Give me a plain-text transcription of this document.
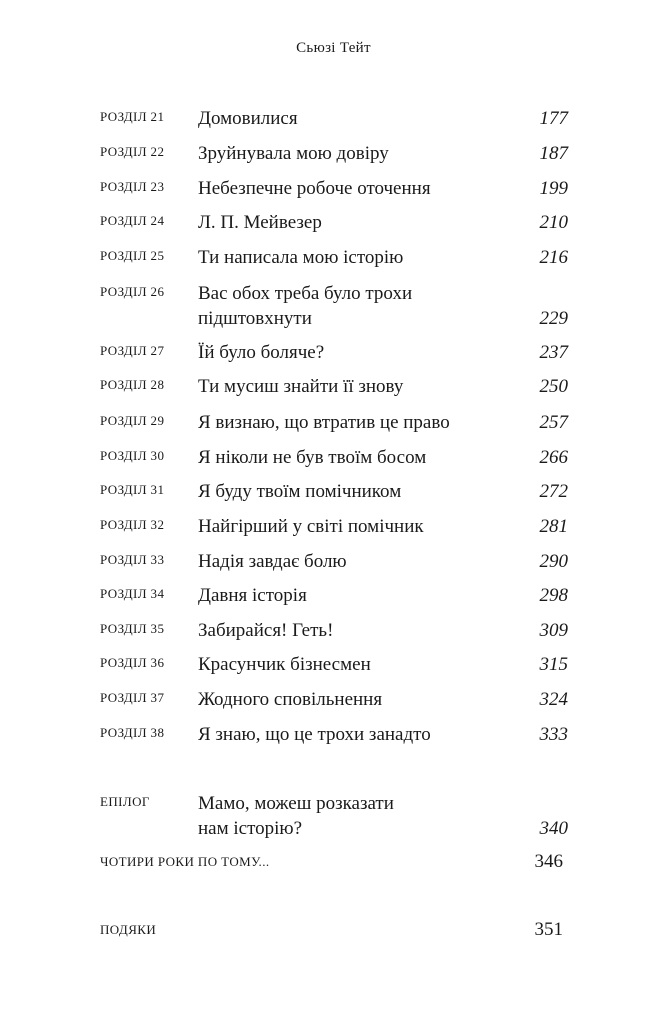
Сьюзі Тейт
РОЗДІЛ 21 Домовилися	177
РОЗДІЛ 22 Зруйнувала мою довіру	187
РОЗДІЛ 23 Небезпечне робоче оточення	199
РОЗДІЛ 24 Л. П. Мейвезер	210
РОЗДІЛ 25 Ти написала мою історію	216
РОЗДІЛ 26 Вас обох треба було трохи
підштовхнути	229
РОЗДІЛ 27 Їй було боляче?	237
РОЗДІЛ 28 Ти мусиш знайти її знову	250
РОЗДІЛ 29 Я визнаю, що втратив це право	257
РОЗДІЛ 30 Я ніколи не був твоїм босом	266
РОЗДІЛ 31 Я буду твоїм помічником	272
РОЗДІЛ 32 Найгірший у світі помічник	281
РОЗДІЛ 33 Надія завдає болю	290
РОЗДІЛ 34 Давня історія	298
РОЗДІЛ 35 Забирайся! Геть!	309
РОЗДІЛ 36 Красунчик бізнесмен	315
РОЗДІЛ 37 Жодного сповільнення	324
РОЗДІЛ 38 Я знаю, що це трохи занадто	333
ЕПІЛОГ	Мамо, можеш розказати
нам історію?	340
ЧОТИРИ РОКИ ПО ТОМУ...	346
ПОДЯКИ	351
